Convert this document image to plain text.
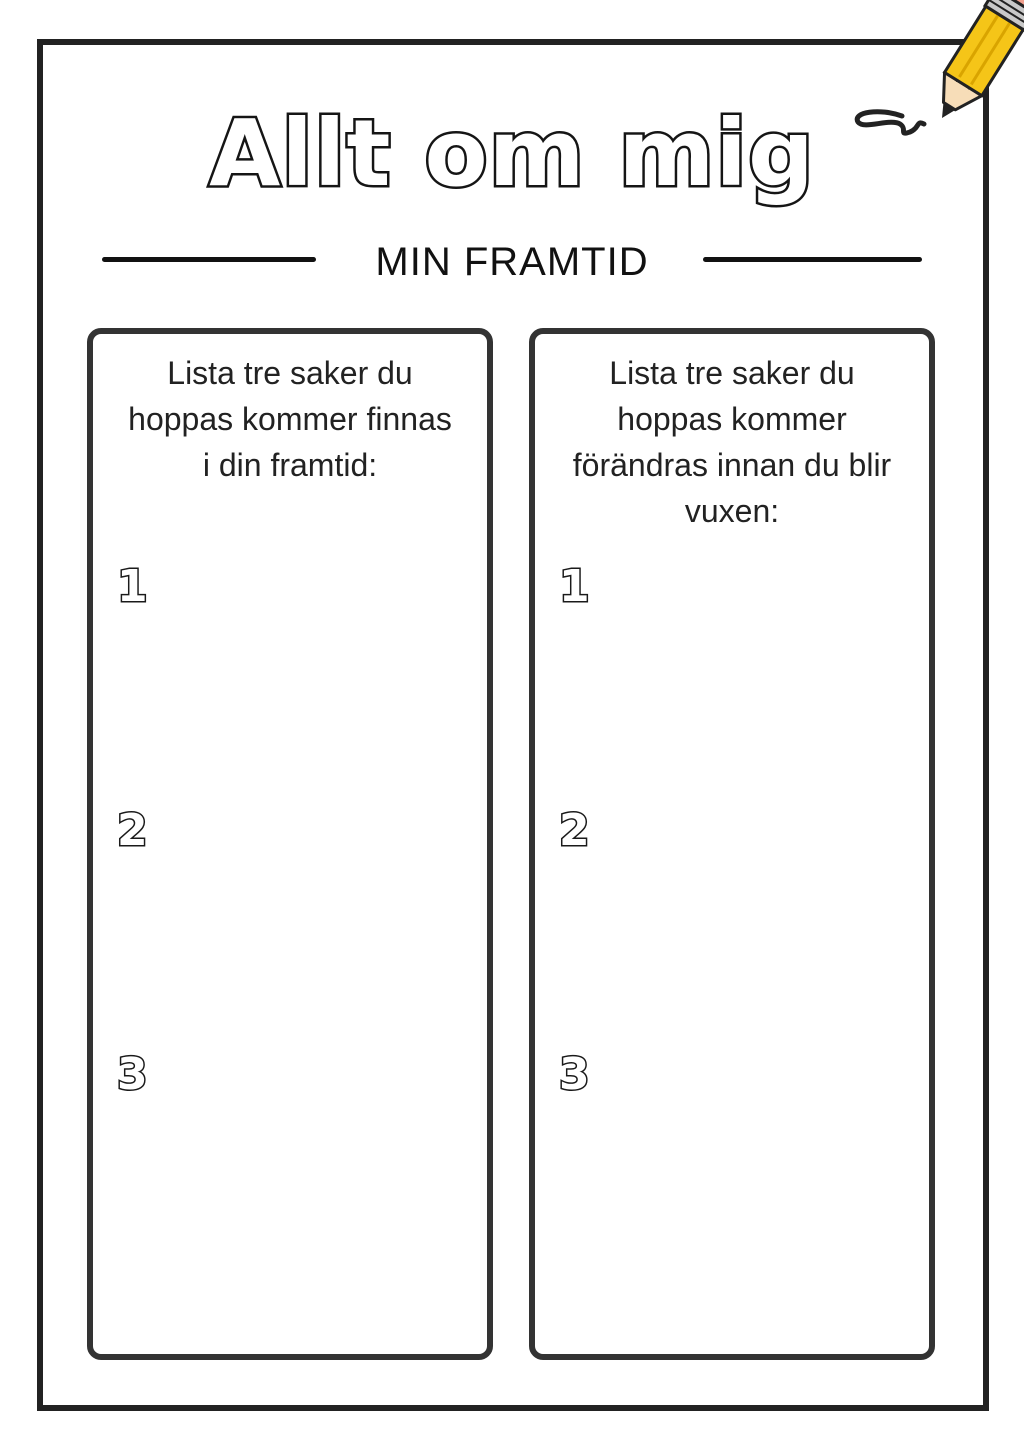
Allt om mig
MIN FRAMTID
Lista tre saker du hoppas kommer finnas i din framtid:
1
2
3
Lista tre saker du hoppas kommer förändras innan du blir vuxen:
1
2
3
